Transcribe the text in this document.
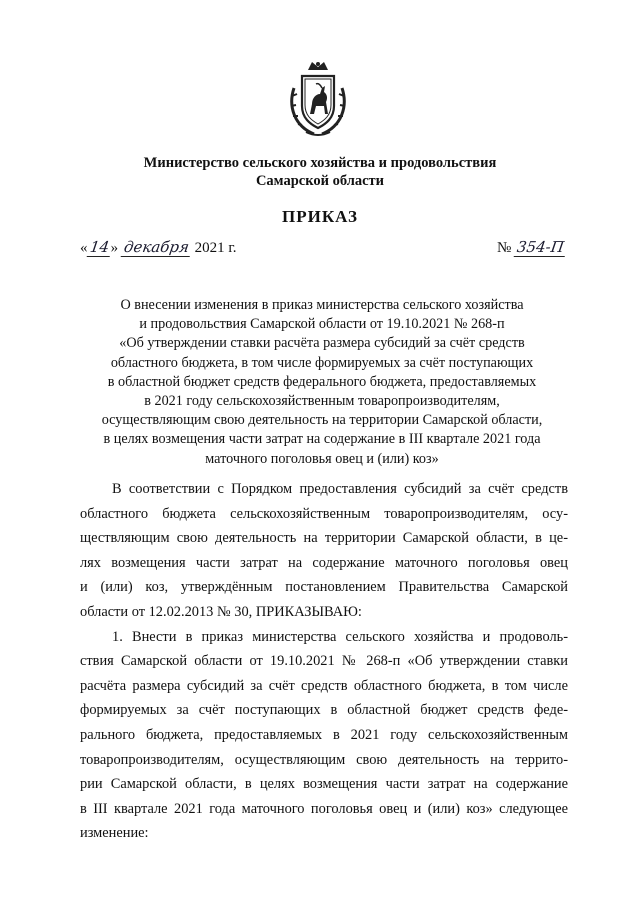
Министерство сельского хозяйства и продовольствия
Самарской области
ПРИКАЗ
«14» декабря 2021 г.	№ 354-П
О внесении изменения в приказ министерства сельского хозяйства
и продовольствия Самарской области от 19.10.2021 № 268-п
«Об утверждении ставки расчёта размера субсидий за счёт средств
областного бюджета, в том числе формируемых за счёт поступающих
в областной бюджет средств федерального бюджета, предоставляемых
в 2021 году сельскохозяйственным товаропроизводителям,
осуществляющим свою деятельность на территории Самарской области,
в целях возмещения части затрат на содержание в III квартале 2021 года
маточного поголовья овец и (или) коз»
В соответствии с Порядком предоставления субсидий за счёт средств
областного бюджета сельскохозяйственным товаропроизводителям, осу-
ществляющим свою деятельность на территории Самарской области, в це-
лях возмещения части затрат на содержание маточного поголовья овец
и (или) коз, утверждённым постановлением Правительства Самарской
области от 12.02.2013 № 30, ПРИКАЗЫВАЮ:
1. Внести в приказ министерства сельского хозяйства и продоволь-
ствия Самарской области от 19.10.2021 № 268-п «Об утверждении ставки
расчёта размера субсидий за счёт средств областного бюджета, в том числе
формируемых за счёт поступающих в областной бюджет средств феде-
рального бюджета, предоставляемых в 2021 году сельскохозяйственным
товаропроизводителям, осуществляющим свою деятельность на террито-
рии Самарской области, в целях возмещения части затрат на содержание
в III квартале 2021 года маточного поголовья овец и (или) коз» следующее
изменение:
